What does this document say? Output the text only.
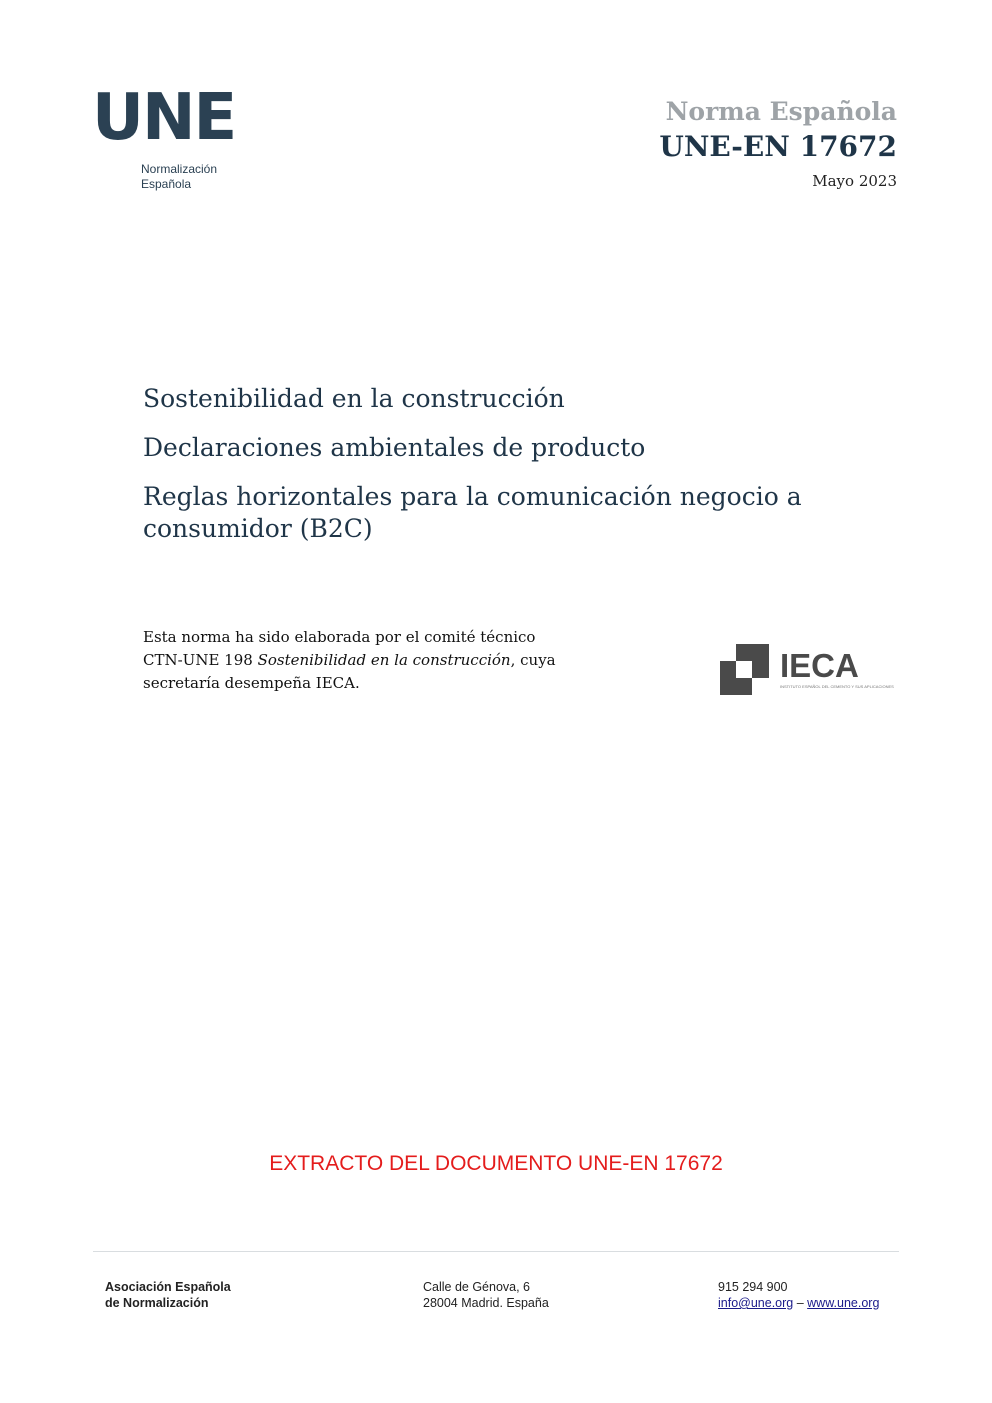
UNE
Normalización
Española
Norma Española
UNE-EN 17672
Mayo 2023
Sostenibilidad en la construcción
Declaraciones ambientales de producto
Reglas horizontales para la comunicación negocio a consumidor (B2C)
Esta norma ha sido elaborada por el comité técnico
CTN-UNE 198 Sostenibilidad en la construcción, cuya
secretaría desempeña IECA.	IECA
INSTITUTO ESPAÑOL DEL CEMENTO Y SUS APLICACIONES
EXTRACTO DEL DOCUMENTO UNE-EN 17672
Asociación Española
de Normalización
Calle de Génova, 6
28004 Madrid. España
915 294 900
info@une.org – www.une.org
